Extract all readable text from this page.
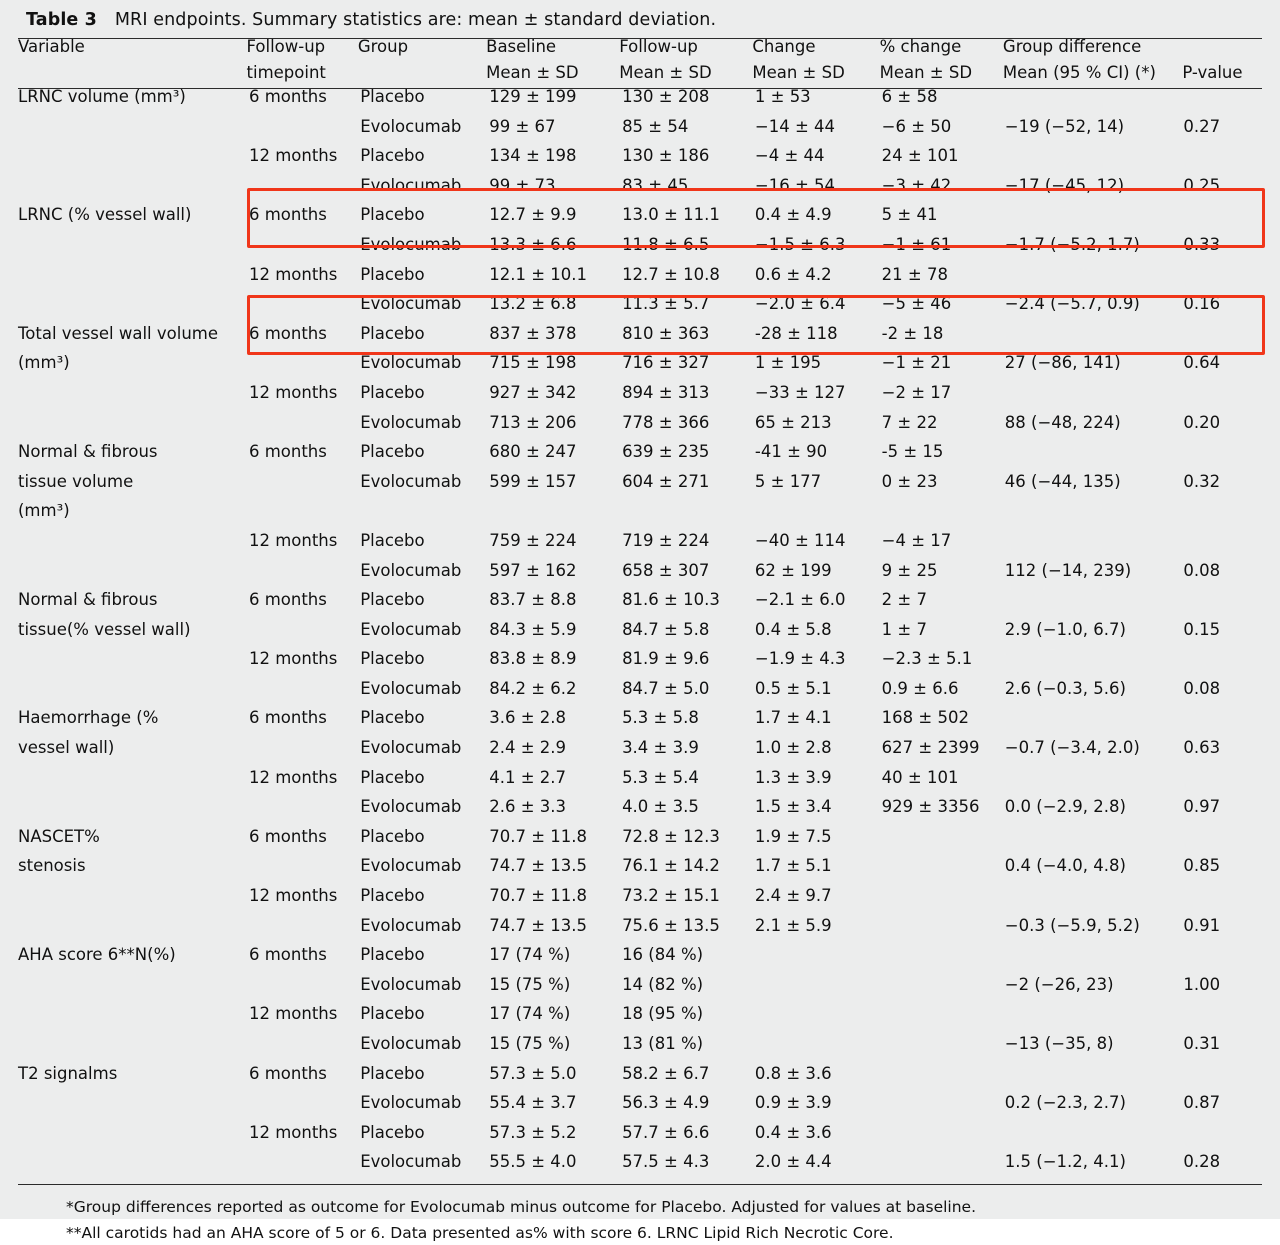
Table 3 MRI endpoints. Summary statistics are: mean ± standard deviation.
Variable	Follow-up	Group	Baseline	Follow-up	Change	% change	Group difference	
	timepoint		Mean ± SD	Mean ± SD	Mean ± SD	Mean ± SD	Mean (95 % CI) (*)	P-value
LRNC volume (mm³)	6 months	Placebo	129 ± 199	130 ± 208	1 ± 53	6 ± 58		
		Evolocumab	99 ± 67	85 ± 54	−14 ± 44	−6 ± 50	−19 (−52, 14)	0.27
	12 months	Placebo	134 ± 198	130 ± 186	−4 ± 44	24 ± 101		
		Evolocumab	99 ± 73	83 ± 45	−16 ± 54	−3 ± 42	−17 (−45, 12)	0.25
LRNC (% vessel wall)	6 months	Placebo	12.7 ± 9.9	13.0 ± 11.1	0.4 ± 4.9	5 ± 41		
		Evolocumab	13.3 ± 6.6	11.8 ± 6.5	−1.5 ± 6.3	−1 ± 61	−1.7 (−5.2, 1.7)	0.33
	12 months	Placebo	12.1 ± 10.1	12.7 ± 10.8	0.6 ± 4.2	21 ± 78		
		Evolocumab	13.2 ± 6.8	11.3 ± 5.7	−2.0 ± 6.4	−5 ± 46	−2.4 (−5.7, 0.9)	0.16
Total vessel wall volume	6 months	Placebo	837 ± 378	810 ± 363	-28 ± 118	-2 ± 18		
(mm³)		Evolocumab	715 ± 198	716 ± 327	1 ± 195	−1 ± 21	27 (−86, 141)	0.64
	12 months	Placebo	927 ± 342	894 ± 313	−33 ± 127	−2 ± 17		
		Evolocumab	713 ± 206	778 ± 366	65 ± 213	7 ± 22	88 (−48, 224)	0.20
Normal & fibrous	6 months	Placebo	680 ± 247	639 ± 235	-41 ± 90	-5 ± 15		
tissue volume		Evolocumab	599 ± 157	604 ± 271	5 ± 177	0 ± 23	46 (−44, 135)	0.32
(mm³)								
	12 months	Placebo	759 ± 224	719 ± 224	−40 ± 114	−4 ± 17		
		Evolocumab	597 ± 162	658 ± 307	62 ± 199	9 ± 25	112 (−14, 239)	0.08
Normal & fibrous	6 months	Placebo	83.7 ± 8.8	81.6 ± 10.3	−2.1 ± 6.0	2 ± 7		
tissue(% vessel wall)		Evolocumab	84.3 ± 5.9	84.7 ± 5.8	0.4 ± 5.8	1 ± 7	2.9 (−1.0, 6.7)	0.15
	12 months	Placebo	83.8 ± 8.9	81.9 ± 9.6	−1.9 ± 4.3	−2.3 ± 5.1		
		Evolocumab	84.2 ± 6.2	84.7 ± 5.0	0.5 ± 5.1	0.9 ± 6.6	2.6 (−0.3, 5.6)	0.08
Haemorrhage (%	6 months	Placebo	3.6 ± 2.8	5.3 ± 5.8	1.7 ± 4.1	168 ± 502		
vessel wall)		Evolocumab	2.4 ± 2.9	3.4 ± 3.9	1.0 ± 2.8	627 ± 2399	−0.7 (−3.4, 2.0)	0.63
	12 months	Placebo	4.1 ± 2.7	5.3 ± 5.4	1.3 ± 3.9	40 ± 101		
		Evolocumab	2.6 ± 3.3	4.0 ± 3.5	1.5 ± 3.4	929 ± 3356	0.0 (−2.9, 2.8)	0.97
NASCET%	6 months	Placebo	70.7 ± 11.8	72.8 ± 12.3	1.9 ± 7.5			
stenosis		Evolocumab	74.7 ± 13.5	76.1 ± 14.2	1.7 ± 5.1		0.4 (−4.0, 4.8)	0.85
	12 months	Placebo	70.7 ± 11.8	73.2 ± 15.1	2.4 ± 9.7			
		Evolocumab	74.7 ± 13.5	75.6 ± 13.5	2.1 ± 5.9		−0.3 (−5.9, 5.2)	0.91
AHA score 6**N(%)	6 months	Placebo	17 (74 %)	16 (84 %)				
		Evolocumab	15 (75 %)	14 (82 %)			−2 (−26, 23)	1.00
	12 months	Placebo	17 (74 %)	18 (95 %)				
		Evolocumab	15 (75 %)	13 (81 %)			−13 (−35, 8)	0.31
T2 signalms	6 months	Placebo	57.3 ± 5.0	58.2 ± 6.7	0.8 ± 3.6			
		Evolocumab	55.4 ± 3.7	56.3 ± 4.9	0.9 ± 3.9		0.2 (−2.3, 2.7)	0.87
	12 months	Placebo	57.3 ± 5.2	57.7 ± 6.6	0.4 ± 3.6			
		Evolocumab	55.5 ± 4.0	57.5 ± 4.3	2.0 ± 4.4		1.5 (−1.2, 4.1)	0.28
*Group differences reported as outcome for Evolocumab minus outcome for Placebo. Adjusted for values at baseline.
**All carotids had an AHA score of 5 or 6. Data presented as% with score 6. LRNC Lipid Rich Necrotic Core.
